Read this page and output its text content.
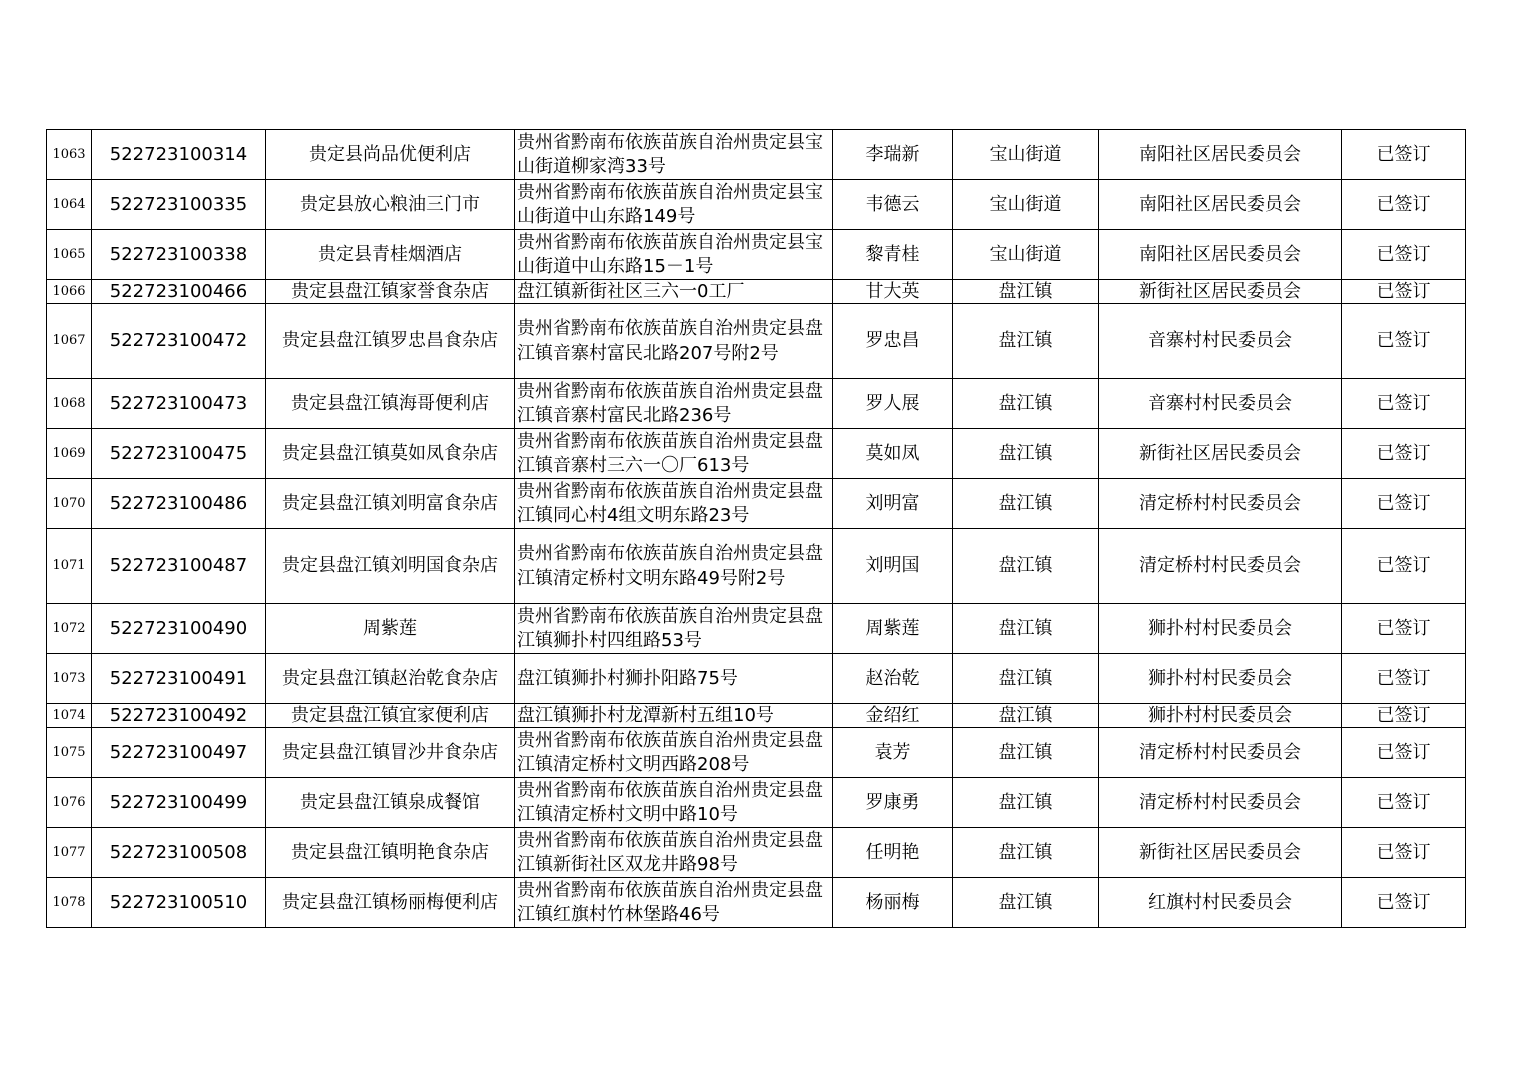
1063	522723100314	贵定县尚品优便利店	贵州省黔南布依族苗族自治州贵定县宝山街道柳家湾33号	李瑞新	宝山街道	南阳社区居民委员会	已签订
1064	522723100335	贵定县放心粮油三门市	贵州省黔南布依族苗族自治州贵定县宝山街道中山东路149号	韦德云	宝山街道	南阳社区居民委员会	已签订
1065	522723100338	贵定县青桂烟酒店	贵州省黔南布依族苗族自治州贵定县宝山街道中山东路15－1号	黎青桂	宝山街道	南阳社区居民委员会	已签订
1066	522723100466	贵定县盘江镇家誉食杂店	盘江镇新街社区三六一0工厂	甘大英	盘江镇	新街社区居民委员会	已签订
1067	522723100472	贵定县盘江镇罗忠昌食杂店	贵州省黔南布依族苗族自治州贵定县盘江镇音寨村富民北路207号附2号	罗忠昌	盘江镇	音寨村村民委员会	已签订
1068	522723100473	贵定县盘江镇海哥便利店	贵州省黔南布依族苗族自治州贵定县盘江镇音寨村富民北路236号	罗人展	盘江镇	音寨村村民委员会	已签订
1069	522723100475	贵定县盘江镇莫如凤食杂店	贵州省黔南布依族苗族自治州贵定县盘江镇音寨村三六一〇厂613号	莫如凤	盘江镇	新街社区居民委员会	已签订
1070	522723100486	贵定县盘江镇刘明富食杂店	贵州省黔南布依族苗族自治州贵定县盘江镇同心村4组文明东路23号	刘明富	盘江镇	清定桥村村民委员会	已签订
1071	522723100487	贵定县盘江镇刘明国食杂店	贵州省黔南布依族苗族自治州贵定县盘江镇清定桥村文明东路49号附2号	刘明国	盘江镇	清定桥村村民委员会	已签订
1072	522723100490	周紫莲	贵州省黔南布依族苗族自治州贵定县盘江镇狮扑村四组路53号	周紫莲	盘江镇	狮扑村村民委员会	已签订
1073	522723100491	贵定县盘江镇赵治乾食杂店	盘江镇狮扑村狮扑阳路75号	赵治乾	盘江镇	狮扑村村民委员会	已签订
1074	522723100492	贵定县盘江镇宜家便利店	盘江镇狮扑村龙潭新村五组10号	金绍红	盘江镇	狮扑村村民委员会	已签订
1075	522723100497	贵定县盘江镇冒沙井食杂店	贵州省黔南布依族苗族自治州贵定县盘江镇清定桥村文明西路208号	袁芳	盘江镇	清定桥村村民委员会	已签订
1076	522723100499	贵定县盘江镇泉成餐馆	贵州省黔南布依族苗族自治州贵定县盘江镇清定桥村文明中路10号	罗康勇	盘江镇	清定桥村村民委员会	已签订
1077	522723100508	贵定县盘江镇明艳食杂店	贵州省黔南布依族苗族自治州贵定县盘江镇新街社区双龙井路98号	任明艳	盘江镇	新街社区居民委员会	已签订
1078	522723100510	贵定县盘江镇杨丽梅便利店	贵州省黔南布依族苗族自治州贵定县盘江镇红旗村竹林堡路46号	杨丽梅	盘江镇	红旗村村民委员会	已签订
